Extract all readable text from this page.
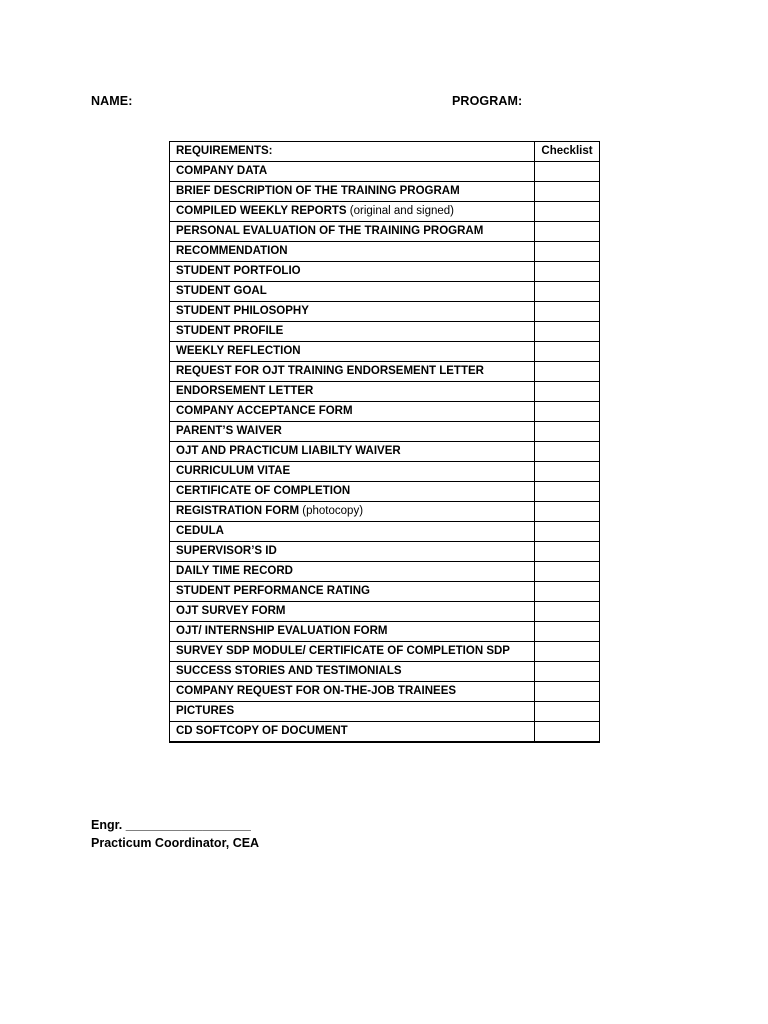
NAME:	PROGRAM:
REQUIREMENTS:	Checklist
COMPANY DATA	
BRIEF DESCRIPTION OF THE TRAINING PROGRAM	
COMPILED WEEKLY REPORTS (original and signed)	
PERSONAL EVALUATION OF THE TRAINING PROGRAM	
RECOMMENDATION	
STUDENT PORTFOLIO	
STUDENT GOAL	
STUDENT PHILOSOPHY	
STUDENT PROFILE	
WEEKLY REFLECTION	
REQUEST FOR OJT TRAINING ENDORSEMENT LETTER	
ENDORSEMENT LETTER	
COMPANY ACCEPTANCE FORM	
PARENT’S WAIVER	
OJT AND PRACTICUM LIABILTY WAIVER	
CURRICULUM VITAE	
CERTIFICATE OF COMPLETION	
REGISTRATION FORM (photocopy)	
CEDULA	
SUPERVISOR’S ID	
DAILY TIME RECORD	
STUDENT PERFORMANCE RATING	
OJT SURVEY FORM	
OJT/ INTERNSHIP EVALUATION FORM	
SURVEY SDP MODULE/ CERTIFICATE OF COMPLETION SDP	
SUCCESS STORIES AND TESTIMONIALS	
COMPANY REQUEST FOR ON-THE-JOB TRAINEES	
PICTURES	
CD SOFTCOPY OF DOCUMENT	
Engr. __________________
Practicum Coordinator, CEA
